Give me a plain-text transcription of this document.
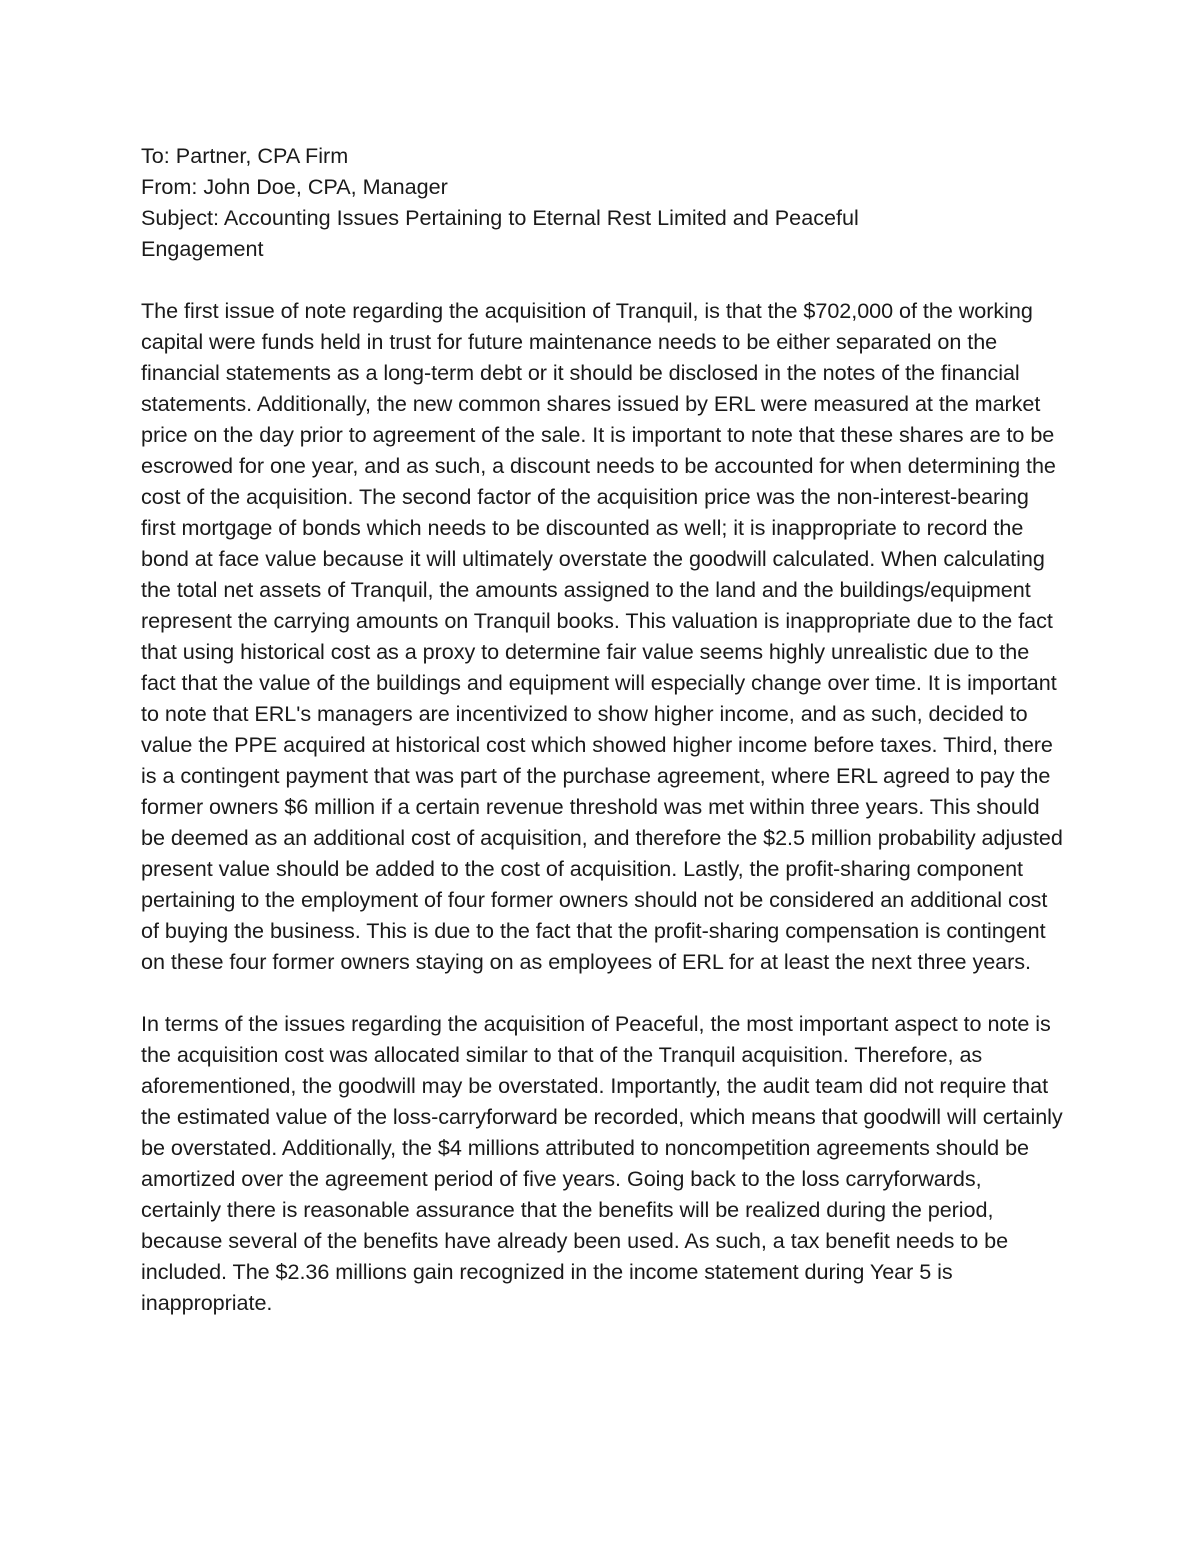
To: Partner, CPA Firm
From: John Doe, CPA, Manager
Subject: Accounting Issues Pertaining to Eternal Rest Limited and Peaceful Engagement

The first issue of note regarding the acquisition of Tranquil, is that the $702,000 of the working capital were funds held in trust for future maintenance needs to be either separated on the financial statements as a long-term debt or it should be disclosed in the notes of the financial statements. Additionally, the new common shares issued by ERL were measured at the market price on the day prior to agreement of the sale. It is important to note that these shares are to be escrowed for one year, and as such, a discount needs to be accounted for when determining the cost of the acquisition. The second factor of the acquisition price was the non-interest-bearing first mortgage of bonds which needs to be discounted as well; it is inappropriate to record the bond at face value because it will ultimately overstate the goodwill calculated. When calculating the total net assets of Tranquil, the amounts assigned to the land and the buildings/equipment represent the carrying amounts on Tranquil books. This valuation is inappropriate due to the fact that using historical cost as a proxy to determine fair value seems highly unrealistic due to the fact that the value of the buildings and equipment will especially change over time. It is important to note that ERL's managers are incentivized to show higher income, and as such, decided to value the PPE acquired at historical cost which showed higher income before taxes. Third, there is a contingent payment that was part of the purchase agreement, where ERL agreed to pay the former owners $6 million if a certain revenue threshold was met within three years. This should be deemed as an additional cost of acquisition, and therefore the $2.5 million probability adjusted present value should be added to the cost of acquisition. Lastly, the profit-sharing component pertaining to the employment of four former owners should not be considered an additional cost of buying the business. This is due to the fact that the profit-sharing compensation is contingent on these four former owners staying on as employees of ERL for at least the next three years.

In terms of the issues regarding the acquisition of Peaceful, the most important aspect to note is the acquisition cost was allocated similar to that of the Tranquil acquisition. Therefore, as aforementioned, the goodwill may be overstated. Importantly, the audit team did not require that the estimated value of the loss-carryforward be recorded, which means that goodwill will certainly be overstated. Additionally, the $4 millions attributed to noncompetition agreements should be amortized over the agreement period of five years. Going back to the loss carryforwards, certainly there is reasonable assurance that the benefits will be realized during the period, because several of the benefits have already been used. As such, a tax benefit needs to be included. The $2.36 millions gain recognized in the income statement during Year 5 is inappropriate.
